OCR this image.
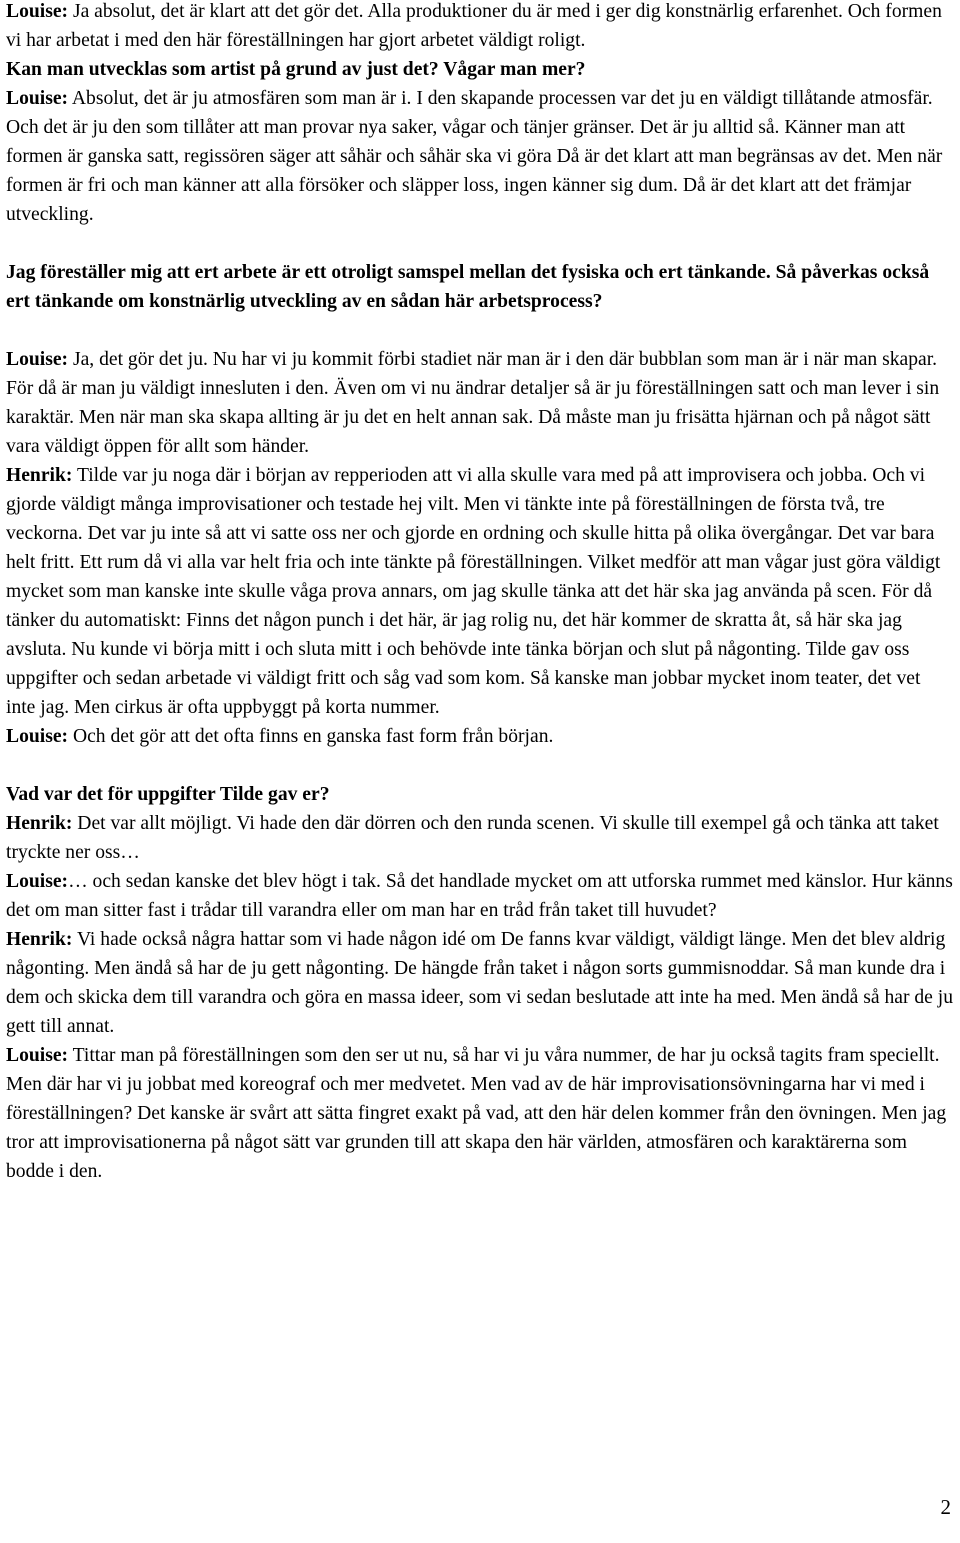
Louise: Ja absolut, det är klart att det gör det. Alla produktioner du är med i ger dig konstnärlig erfarenhet. Och formen vi har arbetat i med den här föreställningen har gjort arbetet väldigt roligt.

Kan man utvecklas som artist på grund av just det? Vågar man mer?

Louise: Absolut, det är ju atmosfären som man är i. I den skapande processen var det ju en väldigt tillåtande atmosfär. Och det är ju den som tillåter att man provar nya saker, vågar och tänjer gränser. Det är ju alltid så. Känner man att formen är ganska satt, regissören säger att såhär och såhär ska vi göra Då är det klart att man begränsas av det. Men när formen är fri och man känner att alla försöker och släpper loss, ingen känner sig dum. Då är det klart att det främjar utveckling.

Jag föreställer mig att ert arbete är ett otroligt samspel mellan det fysiska och ert tänkande. Så påverkas också ert tänkande om konstnärlig utveckling av en sådan här arbetsprocess?

Louise: Ja, det gör det ju. Nu har vi ju kommit förbi stadiet när man är i den där bubblan som man är i när man skapar. För då är man ju väldigt innesluten i den. Även om vi nu ändrar detaljer så är ju föreställningen satt och man lever i sin karaktär. Men när man ska skapa allting är ju det en helt annan sak. Då måste man ju frisätta hjärnan och på något sätt vara väldigt öppen för allt som händer.

Henrik: Tilde var ju noga där i början av repperioden att vi alla skulle vara med på att improvisera och jobba. Och vi gjorde väldigt många improvisationer och testade hej vilt. Men vi tänkte inte på föreställningen de första två, tre veckorna. Det var ju inte så att vi satte oss ner och gjorde en ordning och skulle hitta på olika övergångar. Det var bara helt fritt. Ett rum då vi alla var helt fria och inte tänkte på föreställningen. Vilket medför att man vågar just göra väldigt mycket som man kanske inte skulle våga prova annars, om jag skulle tänka att det här ska jag använda på scen. För då tänker du automatiskt: Finns det någon punch i det här, är jag rolig nu, det här kommer de skratta åt, så här ska jag avsluta. Nu kunde vi börja mitt i och sluta mitt i och behövde inte tänka början och slut på någonting. Tilde gav oss uppgifter och sedan arbetade vi väldigt fritt och såg vad som kom. Så kanske man jobbar mycket inom teater, det vet inte jag. Men cirkus är ofta uppbyggt på korta nummer.

Louise: Och det gör att det ofta finns en ganska fast form från början.

Vad var det för uppgifter Tilde gav er?

Henrik: Det var allt möjligt. Vi hade den där dörren och den runda scenen. Vi skulle till exempel gå och tänka att taket tryckte ner oss…

Louise:… och sedan kanske det blev högt i tak. Så det handlade mycket om att utforska rummet med känslor. Hur känns det om man sitter fast i trådar till varandra eller om man har en tråd från taket till huvudet?

Henrik: Vi hade också några hattar som vi hade någon idé om De fanns kvar väldigt, väldigt länge. Men det blev aldrig någonting. Men ändå så har de ju gett någonting. De hängde från taket i någon sorts gummisnoddar. Så man kunde dra i dem och skicka dem till varandra och göra en massa ideer, som vi sedan beslutade att inte ha med. Men ändå så har de ju gett till annat.

Louise: Tittar man på föreställningen som den ser ut nu, så har vi ju våra nummer, de har ju också tagits fram speciellt. Men där har vi ju jobbat med koreograf och mer medvetet. Men vad av de här improvisationsövningarna har vi med i föreställningen? Det kanske är svårt att sätta fingret exakt på vad, att den här delen kommer från den övningen. Men jag tror att improvisationerna på något sätt var grunden till att skapa den här världen, atmosfären och karaktärerna som bodde i den.

2
